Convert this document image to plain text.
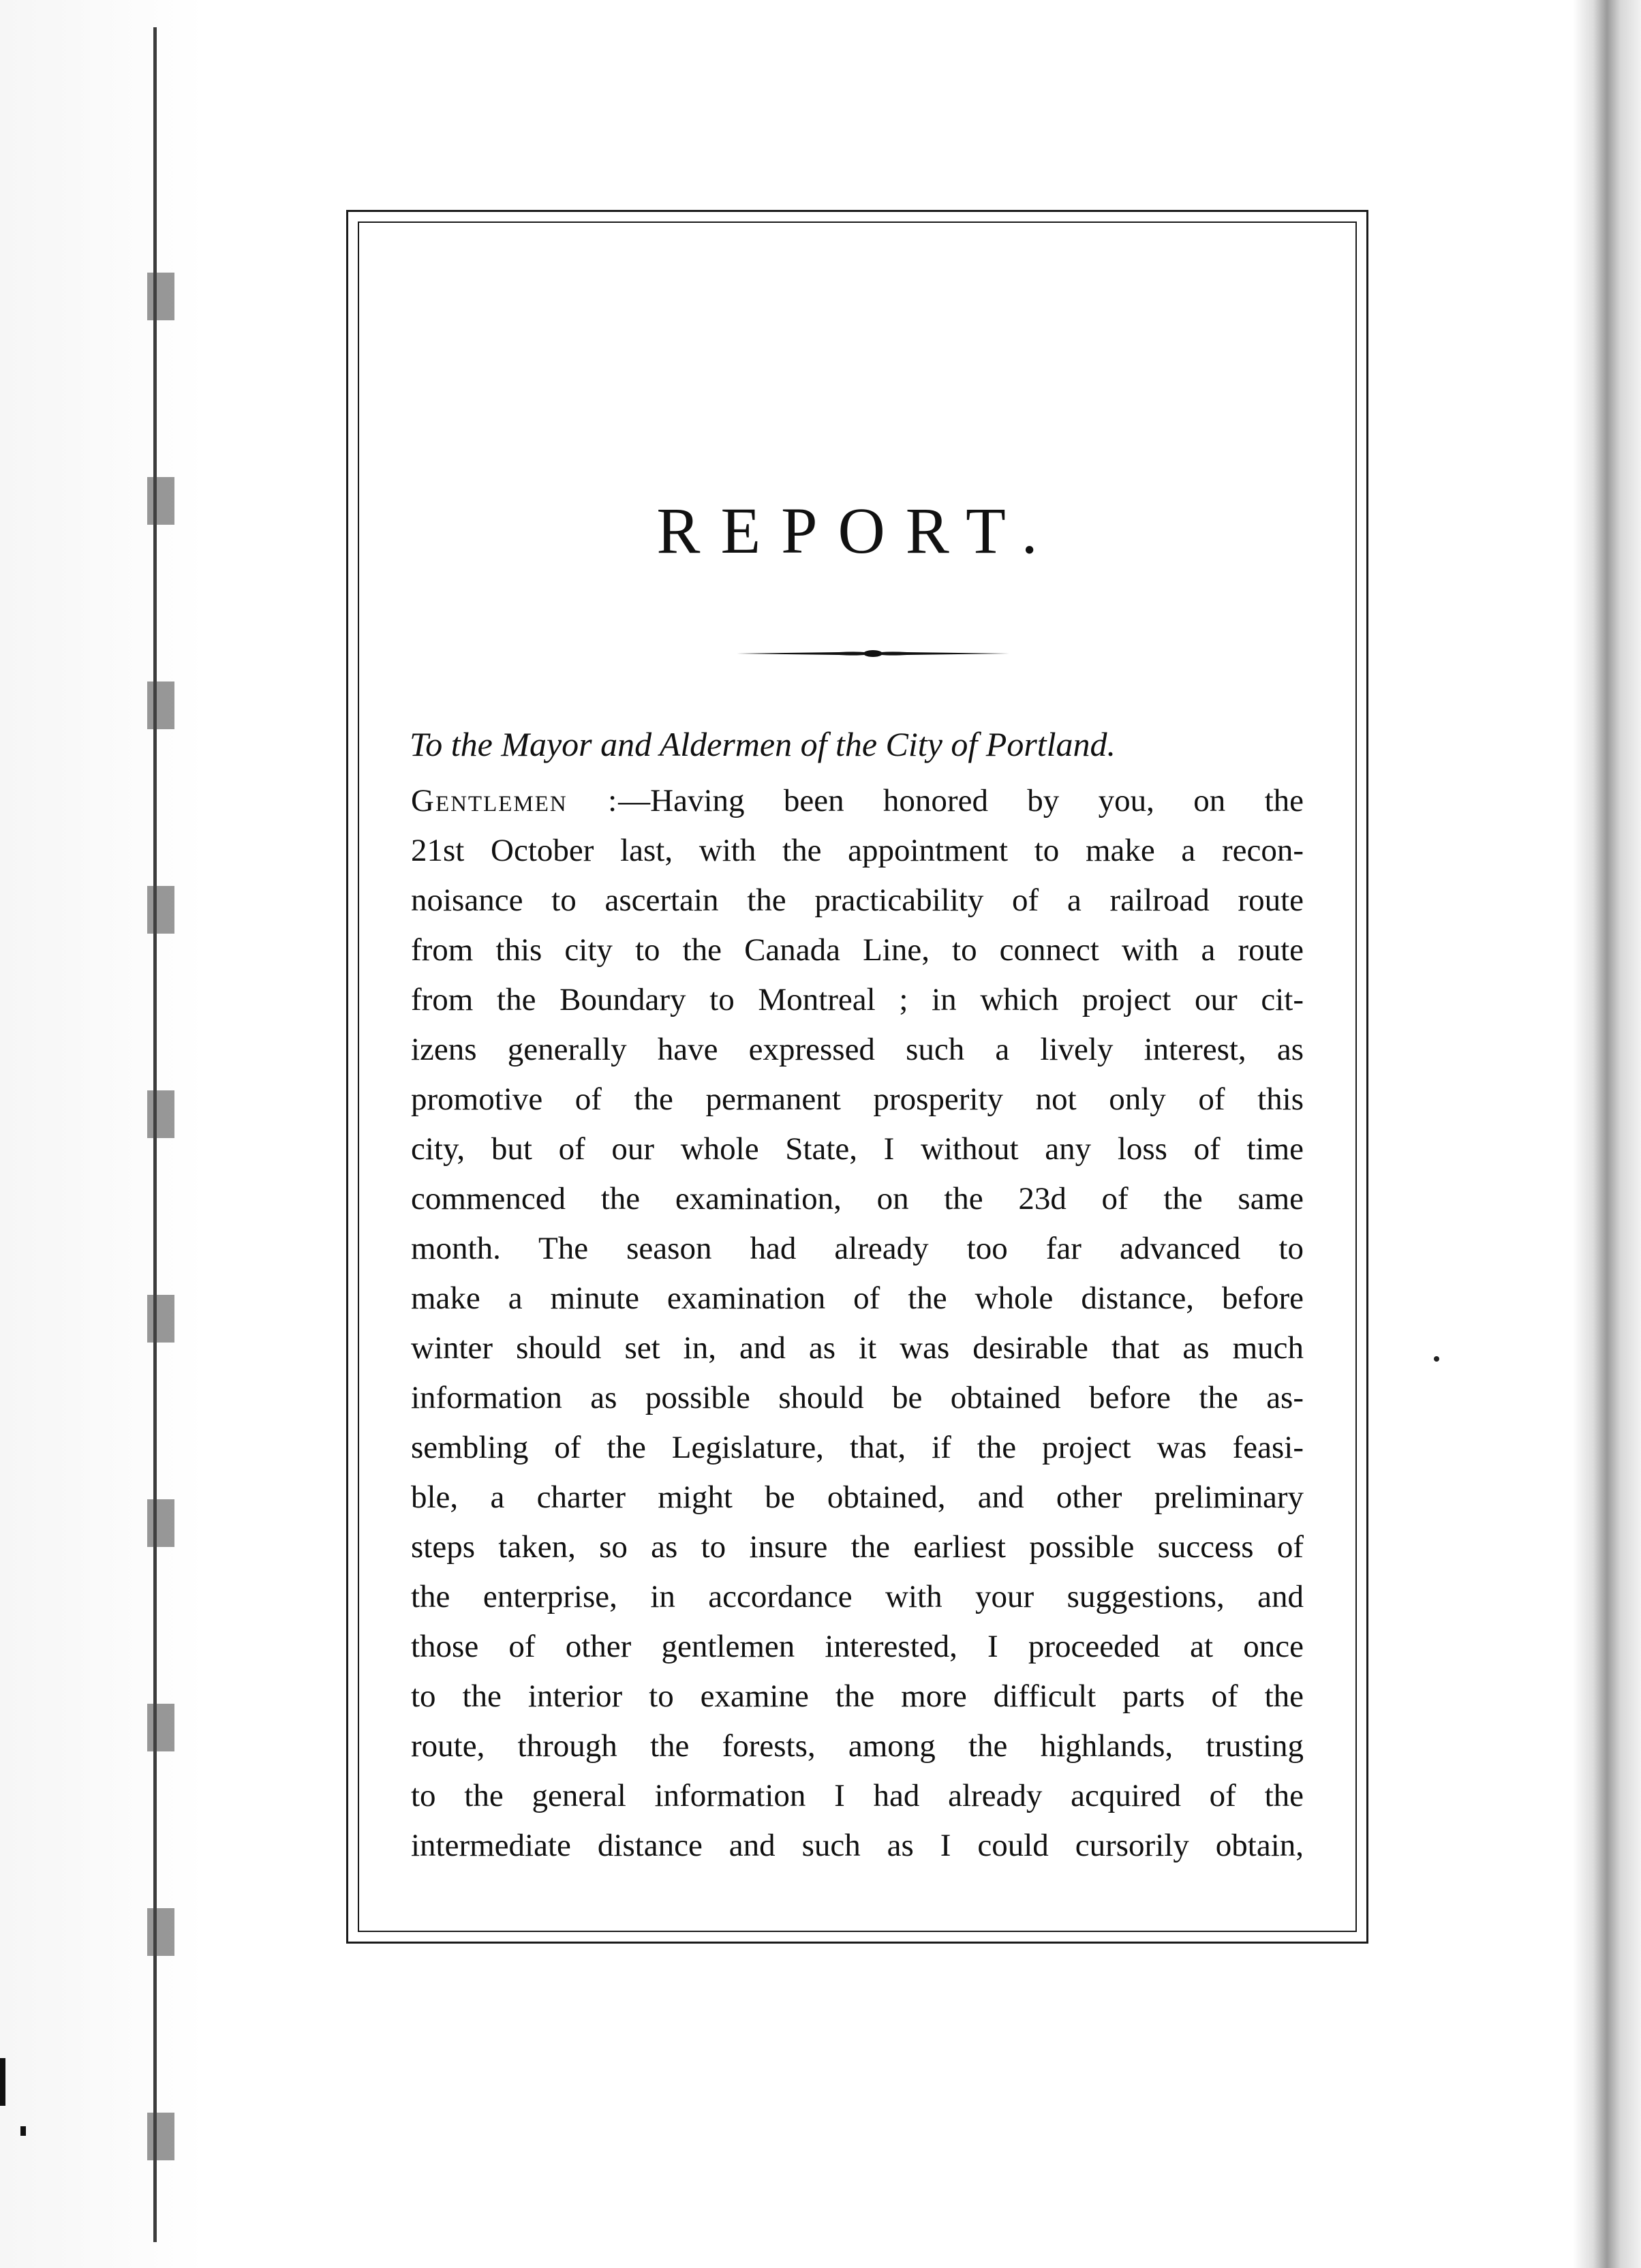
REPORT.

To the Mayor and Aldermen of the City of Portland.

Gentlemen :—Having been honored by you, on the
21st October last, with the appointment to make a recon-
noisance to ascertain the practicability of a railroad route
from this city to the Canada Line, to connect with a route
from the Boundary to Montreal ; in which project our cit-
izens generally have expressed such a lively interest, as
promotive of the permanent prosperity not only of this
city, but of our whole State, I without any loss of time
commenced the examination, on the 23d of the same
month. The season had already too far advanced to
make a minute examination of the whole distance, before
winter should set in, and as it was desirable that as much
information as possible should be obtained before the as-
sembling of the Legislature, that, if the project was feasi-
ble, a charter might be obtained, and other preliminary
steps taken, so as to insure the earliest possible success of
the enterprise, in accordance with your suggestions, and
those of other gentlemen interested, I proceeded at once
to the interior to examine the more difficult parts of the
route, through the forests, among the highlands, trusting
to the general information I had already acquired of the
intermediate distance and such as I could cursorily obtain,
